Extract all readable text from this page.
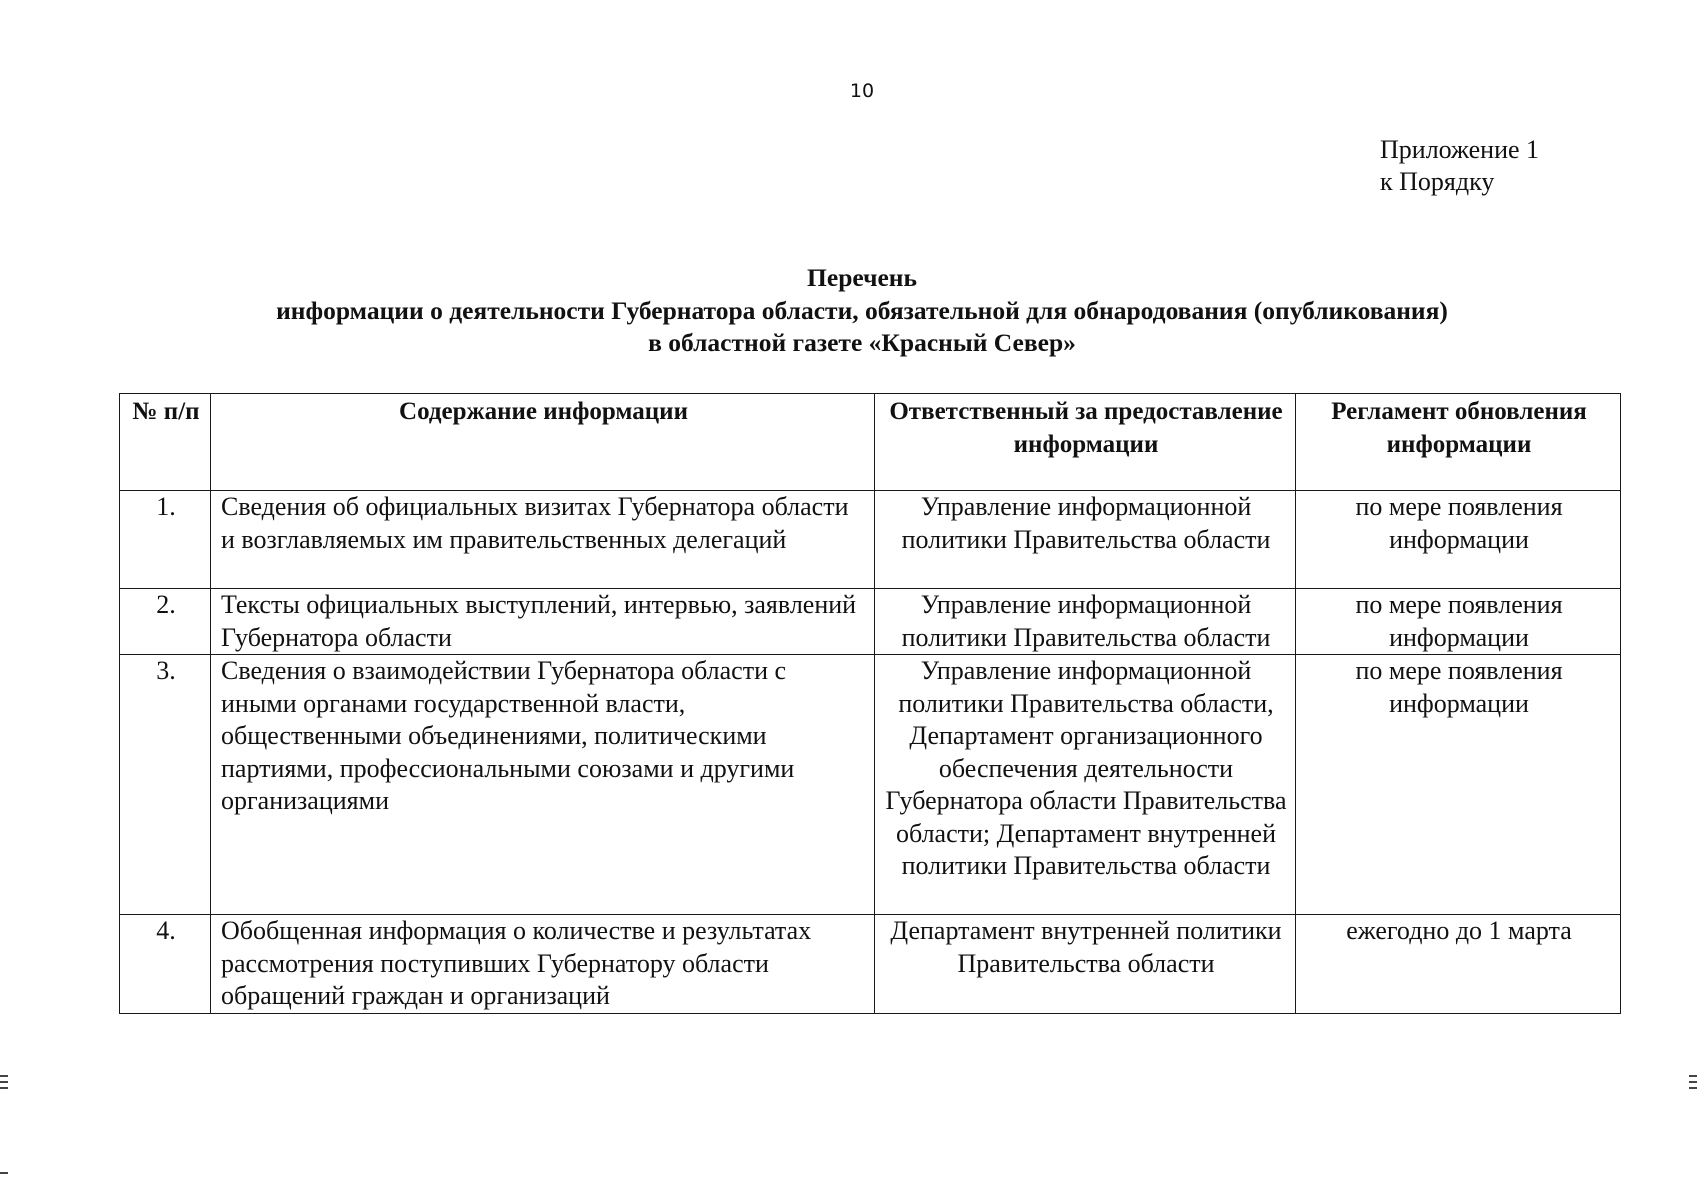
10
Приложение 1
к Порядку
Перечень
информации о деятельности Губернатора области, обязательной для обнародования (опубликования)
в областной газете «Красный Север»
№ п/п	Содержание информации	Ответственный за предоставление информации	Регламент обновления информации
1.	Сведения об официальных визитах Губернатора области и возглавляемых им правительственных делегаций	Управление информационной политики Правительства области	по мере появления информации
2.	Тексты официальных выступлений, интервью, заявлений Губернатора области	Управление информационной политики Правительства области	по мере появления информации
3.	Сведения о взаимодействии Губернатора области с иными органами государственной власти, общественными объединениями, политическими партиями, профессиональными союзами и другими организациями	Управление информационной политики Правительства области, Департамент организационного обеспечения деятельности Губернатора области Правительства области; Департамент внутренней политики Правительства области	по мере появления информации
4.	Обобщенная информация о количестве и результатах рассмотрения поступивших Губернатору области обращений граждан и организаций	Департамент внутренней политики Правительства области	ежегодно до 1 марта
